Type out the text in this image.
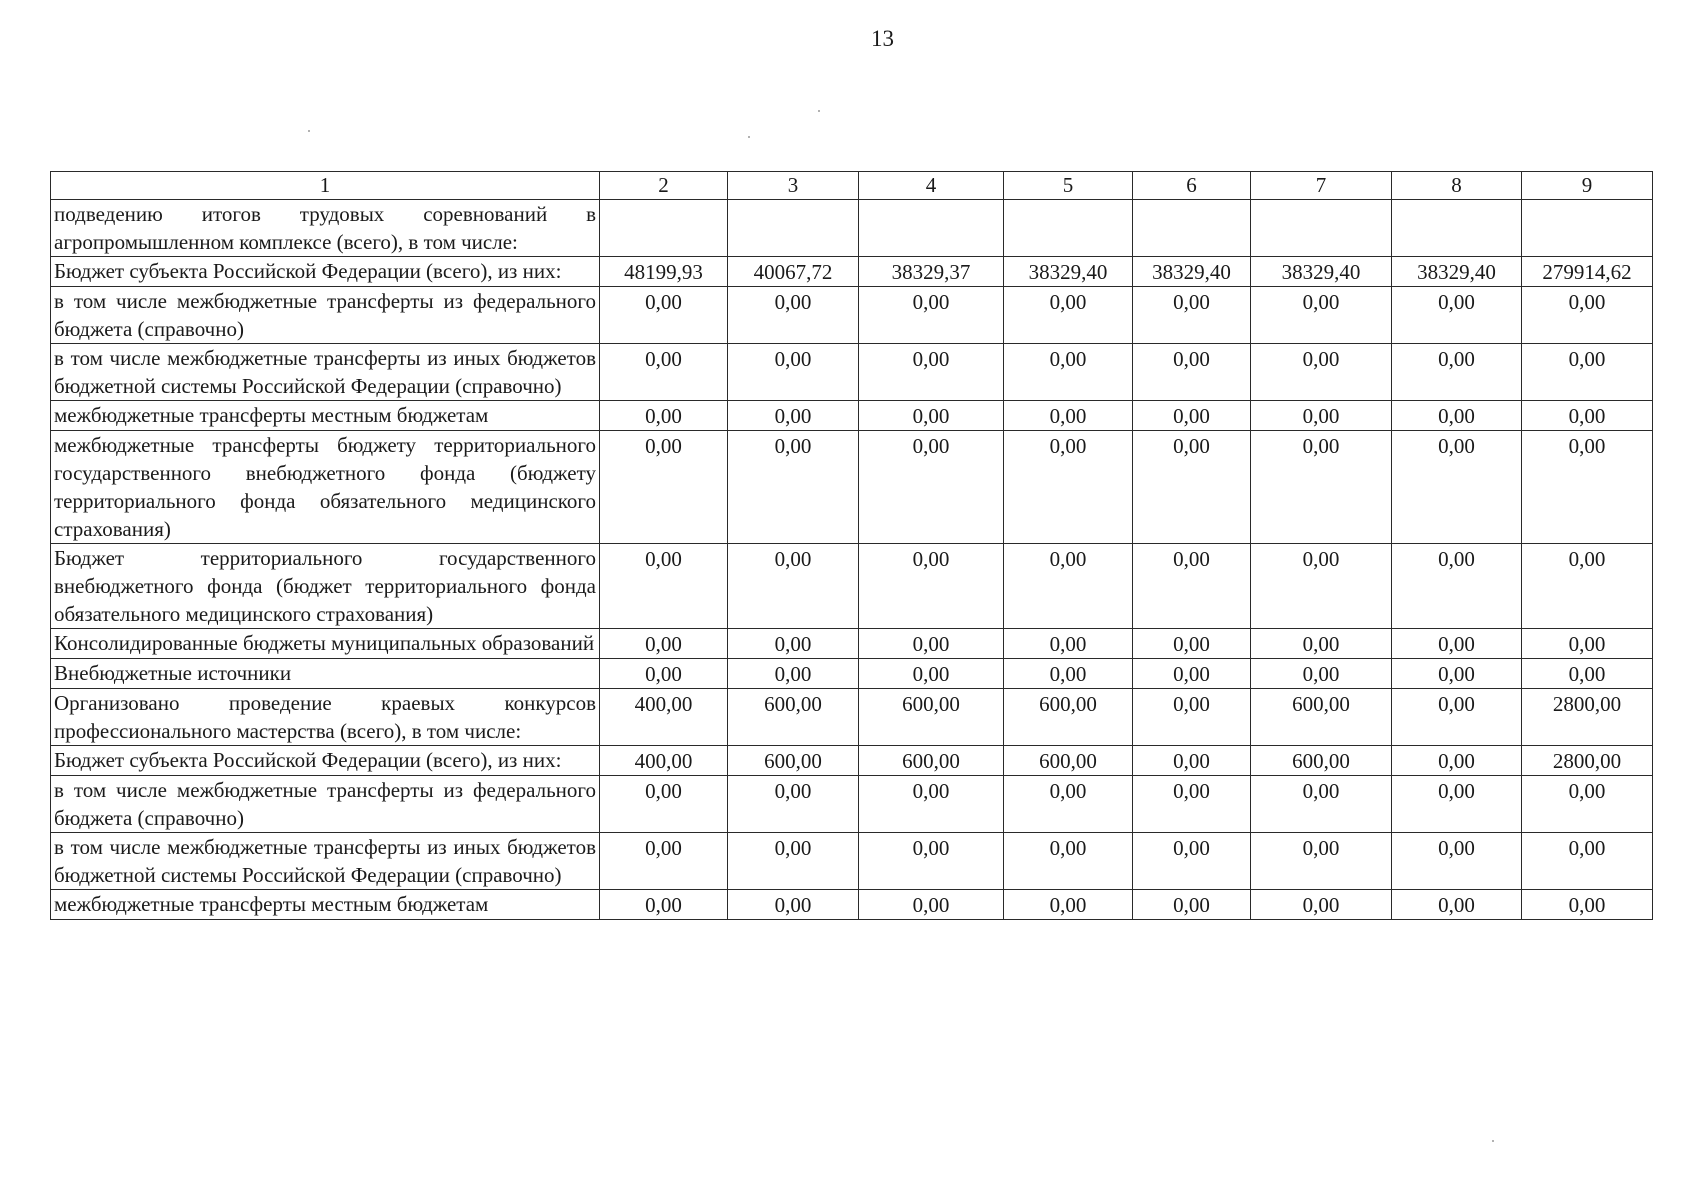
13
1	2	3	4	5	6	7	8	9
подведению итогов трудовых соревнований в агропромышленном комплексе (всего), в том числе:								
Бюджет субъекта Российской Федерации (всего), из них:	48199,93	40067,72	38329,37	38329,40	38329,40	38329,40	38329,40	279914,62
в том числе межбюджетные трансферты из федерального бюджета (справочно)	0,00	0,00	0,00	0,00	0,00	0,00	0,00	0,00
в том числе межбюджетные трансферты из иных бюджетов бюджетной системы Российской Федерации (справочно)	0,00	0,00	0,00	0,00	0,00	0,00	0,00	0,00
межбюджетные трансферты местным бюджетам	0,00	0,00	0,00	0,00	0,00	0,00	0,00	0,00
межбюджетные трансферты бюджету территориального государственного внебюджетного фонда (бюджету территориального фонда обязательного медицинского страхования)	0,00	0,00	0,00	0,00	0,00	0,00	0,00	0,00
Бюджет территориального государственного внебюджетного фонда (бюджет территориального фонда обязательного медицинского страхования)	0,00	0,00	0,00	0,00	0,00	0,00	0,00	0,00
Консолидированные бюджеты муниципальных образований	0,00	0,00	0,00	0,00	0,00	0,00	0,00	0,00
Внебюджетные источники	0,00	0,00	0,00	0,00	0,00	0,00	0,00	0,00
Организовано проведение краевых конкурсов профессионального мастерства (всего), в том числе:	400,00	600,00	600,00	600,00	0,00	600,00	0,00	2800,00
Бюджет субъекта Российской Федерации (всего), из них:	400,00	600,00	600,00	600,00	0,00	600,00	0,00	2800,00
в том числе межбюджетные трансферты из федерального бюджета (справочно)	0,00	0,00	0,00	0,00	0,00	0,00	0,00	0,00
в том числе межбюджетные трансферты из иных бюджетов бюджетной системы Российской Федерации (справочно)	0,00	0,00	0,00	0,00	0,00	0,00	0,00	0,00
межбюджетные трансферты местным бюджетам	0,00	0,00	0,00	0,00	0,00	0,00	0,00	0,00
